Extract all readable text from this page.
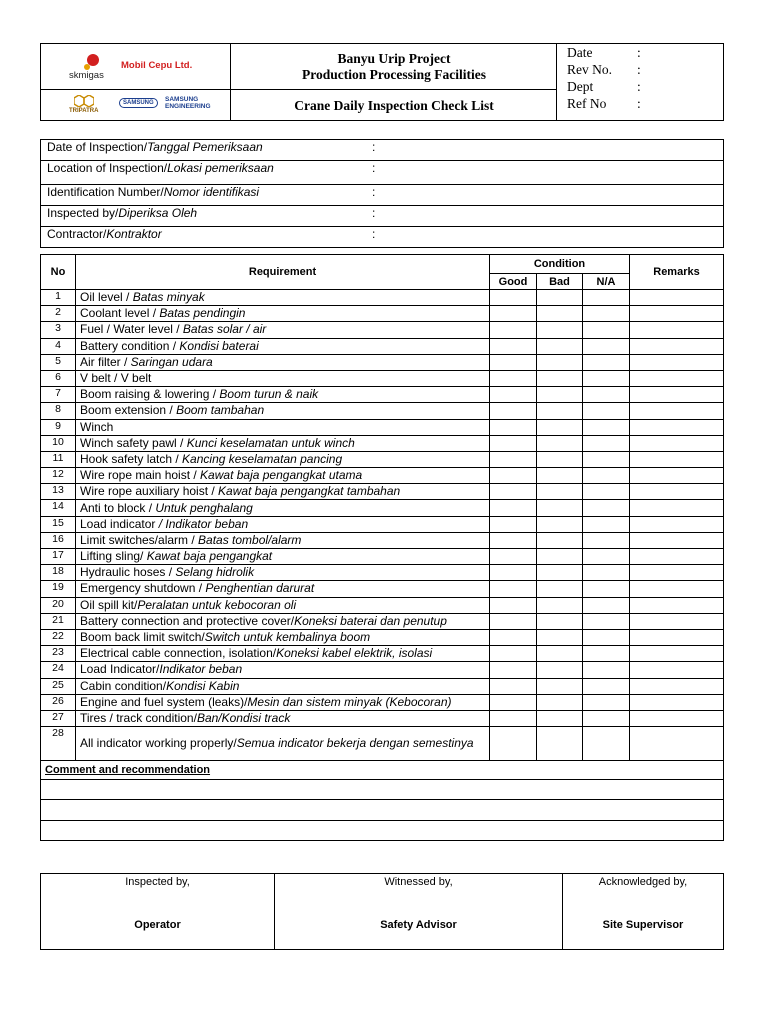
Mobil Cepu Ltd.
skmigas
TRIPATRA
SAMSUNG	SAMSUNG ENGINEERING
Banyu Urip Project
Production Processing Facilities
Crane Daily Inspection Check List
Date	:
Rev No. :
Dept	:
Ref No :
Date of Inspection/Tanggal Pemeriksaan	:

Location of Inspection/Lokasi pemeriksaan	:

Identification Number/Nomor identifikasi	:

Inspected by/Diperiksa Oleh	:

Contractor/Kontraktor	:
No	Requirement	Condition			Remarks
		Good	Bad	N/A	
1	Oil level / Batas minyak				
2	Coolant level / Batas pendingin				
3	Fuel / Water level / Batas solar / air				
4	Battery condition / Kondisi baterai				
5	Air filter / Saringan udara				
6	V belt / V belt				
7	Boom raising & lowering / Boom turun & naik				
8	Boom extension / Boom tambahan				
9	Winch				
10	Winch safety pawl / Kunci keselamatan untuk winch				
11	Hook safety latch / Kancing keselamatan pancing				
12	Wire rope main hoist / Kawat baja pengangkat utama				
13	Wire rope auxiliary hoist / Kawat baja pengangkat tambahan				
14	Anti to block / Untuk penghalang				
15	Load indicator / Indikator beban				
16	Limit switches/alarm / Batas tombol/alarm				
17	Lifting sling/ Kawat baja pengangkat				
18	Hydraulic hoses / Selang hidrolik				
19	Emergency shutdown / Penghentian darurat				
20	Oil spill kit/Peralatan untuk kebocoran oli				
21	Battery connection and protective cover/Koneksi baterai dan penutup				
22	Boom back limit switch/Switch untuk kembalinya boom				
23	Electrical cable connection, isolation/Koneksi kabel elektrik, isolasi				
24	Load Indicator/Indikator beban				
25	Cabin condition/Kondisi Kabin				
26	Engine and fuel system (leaks)/Mesin dan sistem minyak (Kebocoran)				
27	Tires / track condition/Ban/Kondisi track				
28	All indicator working properly/Semua indicator bekerja dengan semestinya				
Comment and recommendation					

Inspected by,
Operator

Witnessed by,
Safety Advisor

Acknowledged by,
Site Supervisor
